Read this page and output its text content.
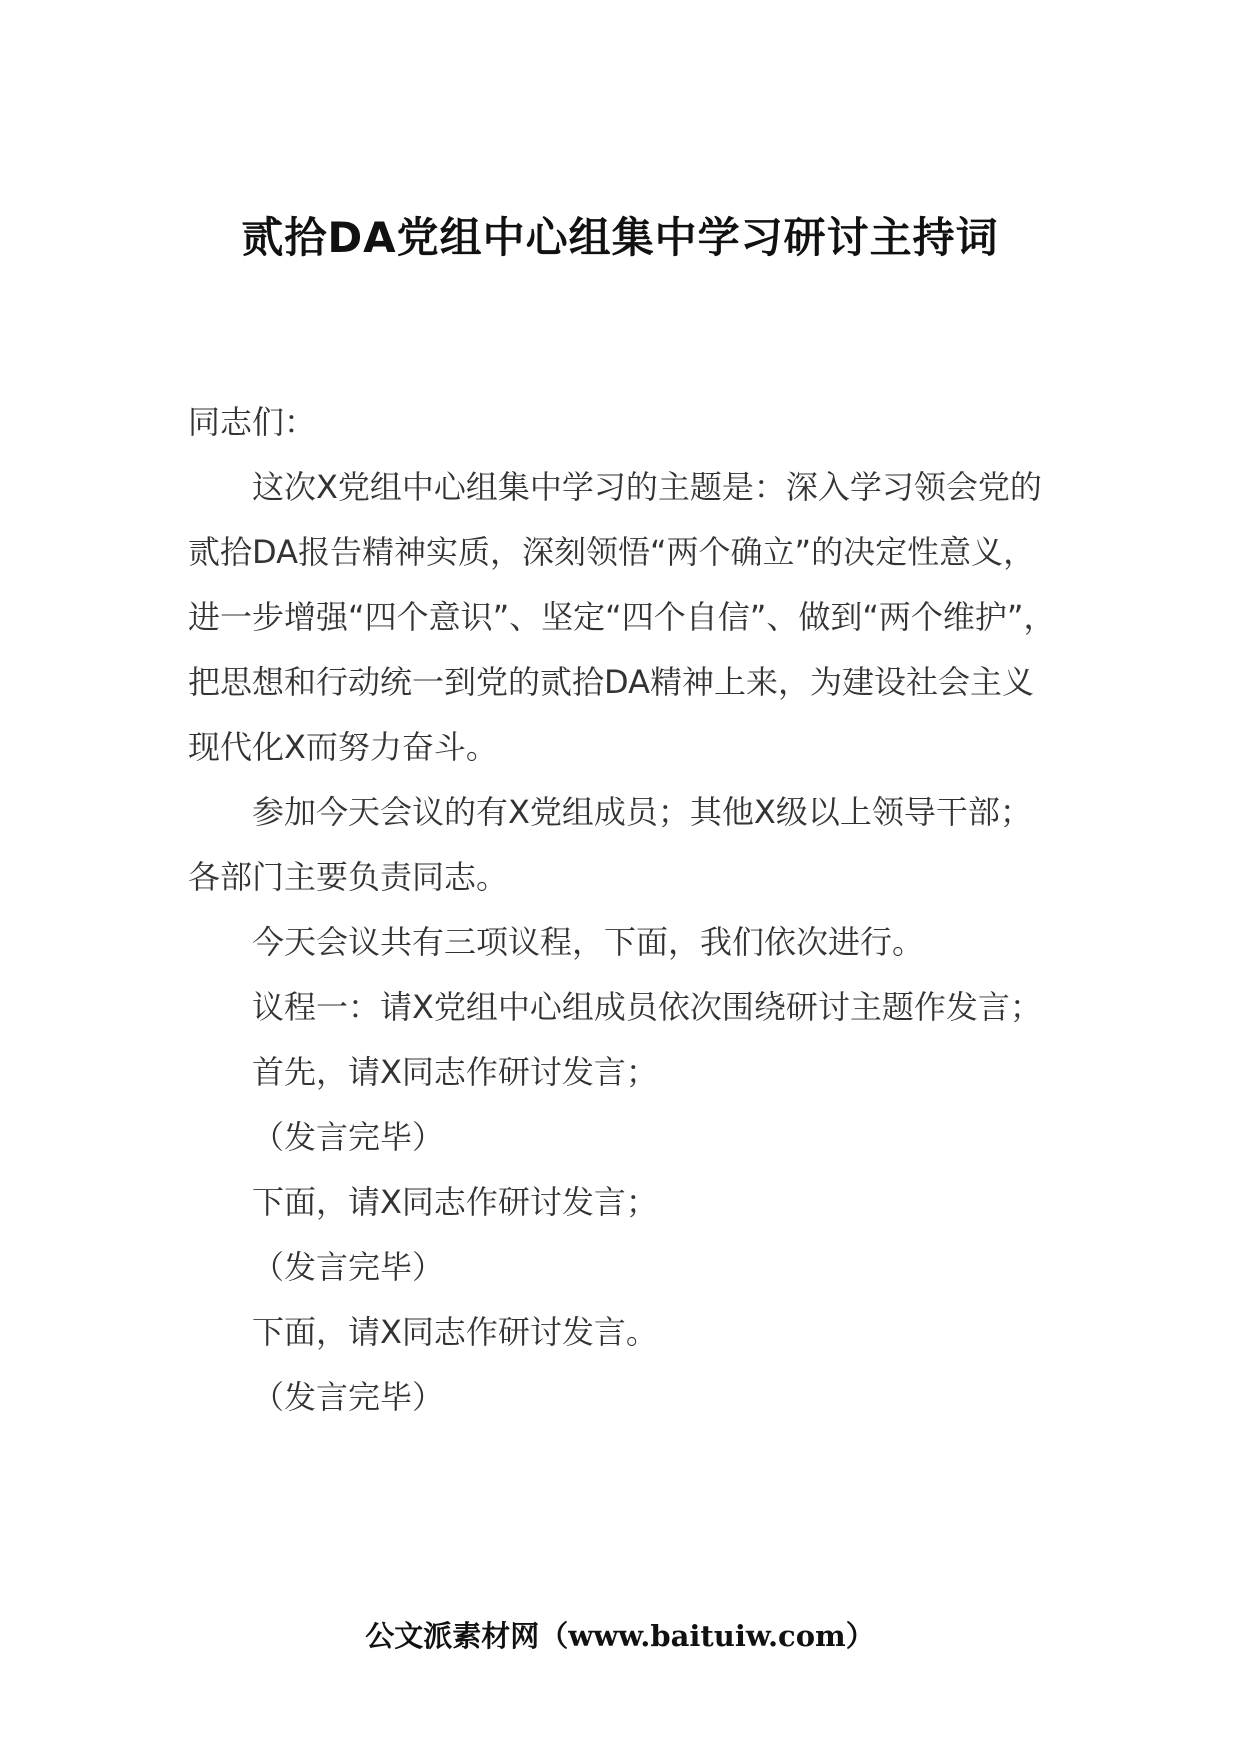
贰拾DA党组中心组集中学习研讨主持词

同志们：

这次X党组中心组集中学习的主题是：深入学习领会党的贰拾DA报告精神实质，深刻领悟“两个确立”的决定性意义，进一步增强“四个意识”、坚定“四个自信”、做到“两个维护”，把思想和行动统一到党的贰拾DA精神上来，为建设社会主义现代化X而努力奋斗。

参加今天会议的有X党组成员；其他X级以上领导干部；各部门主要负责同志。

今天会议共有三项议程，下面，我们依次进行。

议程一：请X党组中心组成员依次围绕研讨主题作发言；

首先，请X同志作研讨发言；

（发言完毕）

下面，请X同志作研讨发言；

（发言完毕）

下面，请X同志作研讨发言。

（发言完毕）

公文派素材网（www.baituiw.com）
